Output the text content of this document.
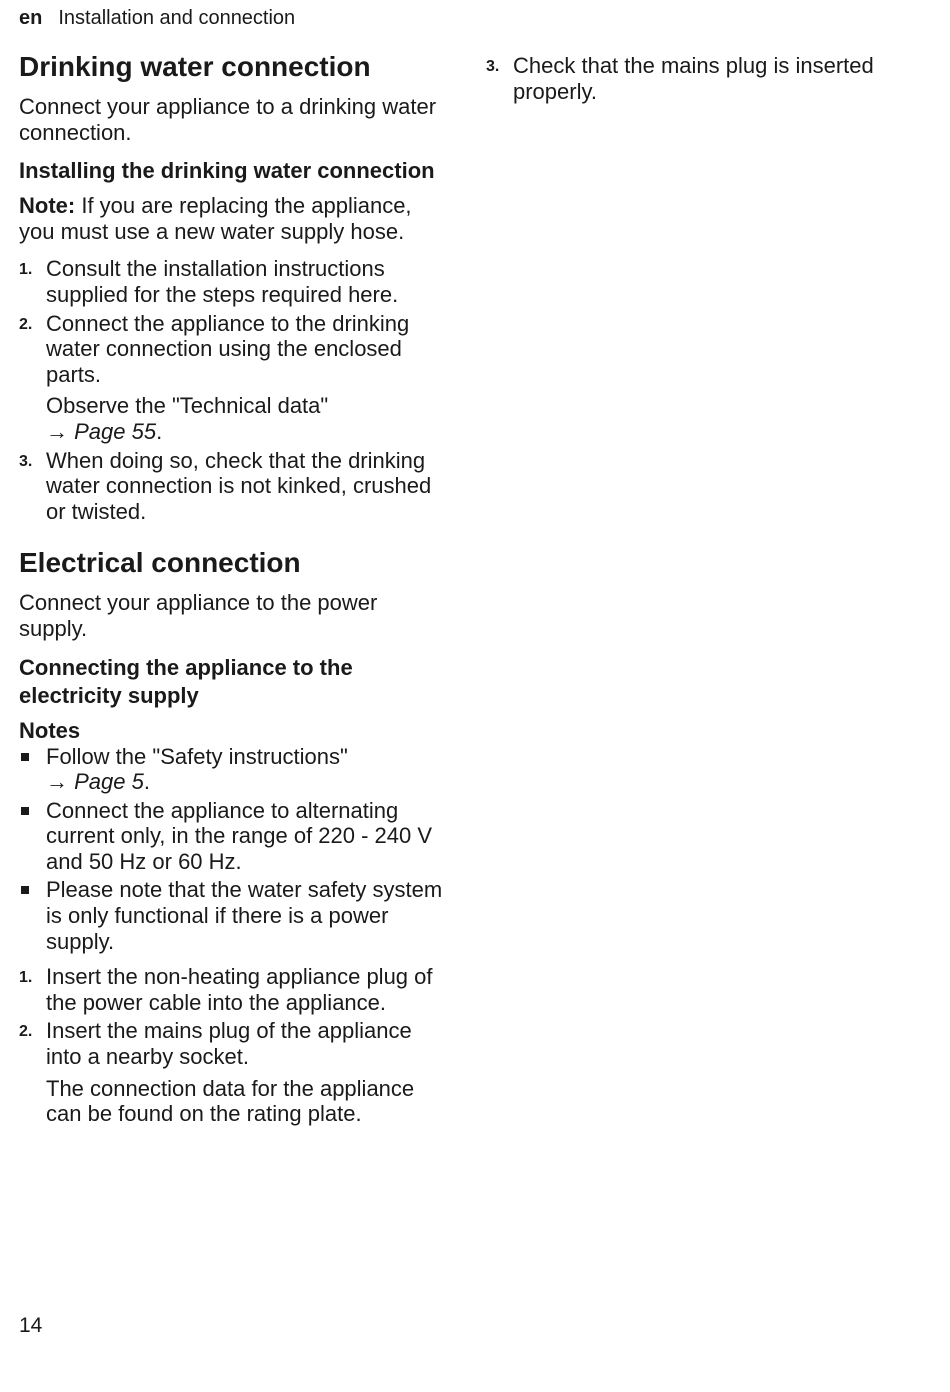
en Installation and connection
Drinking water connection

Connect your appliance to a drinking water connection.

Installing the drinking water connection

Note: If you are replacing the appliance, you must use a new water supply hose.

1. Consult the installation instructions supplied for the steps required here.
2. Connect the appliance to the drinking water connection using the enclosed parts.
Observe the "Technical data"
→ Page 55.
3. When doing so, check that the drinking water connection is not kinked, crushed or twisted.
Electrical connection

Connect your appliance to the power supply.

Connecting the appliance to the electricity supply
Notes
Follow the "Safety instructions"
→ Page 5.
Connect the appliance to alternating current only, in the range of 220 - 240 V and 50 Hz or 60 Hz.
Please note that the water safety system is only functional if there is a power supply.
1. Insert the non-heating appliance plug of the power cable into the appliance.
2. Insert the mains plug of the appliance into a nearby socket.
The connection data for the appliance can be found on the rating plate.
3. Check that the mains plug is inserted properly.
14
